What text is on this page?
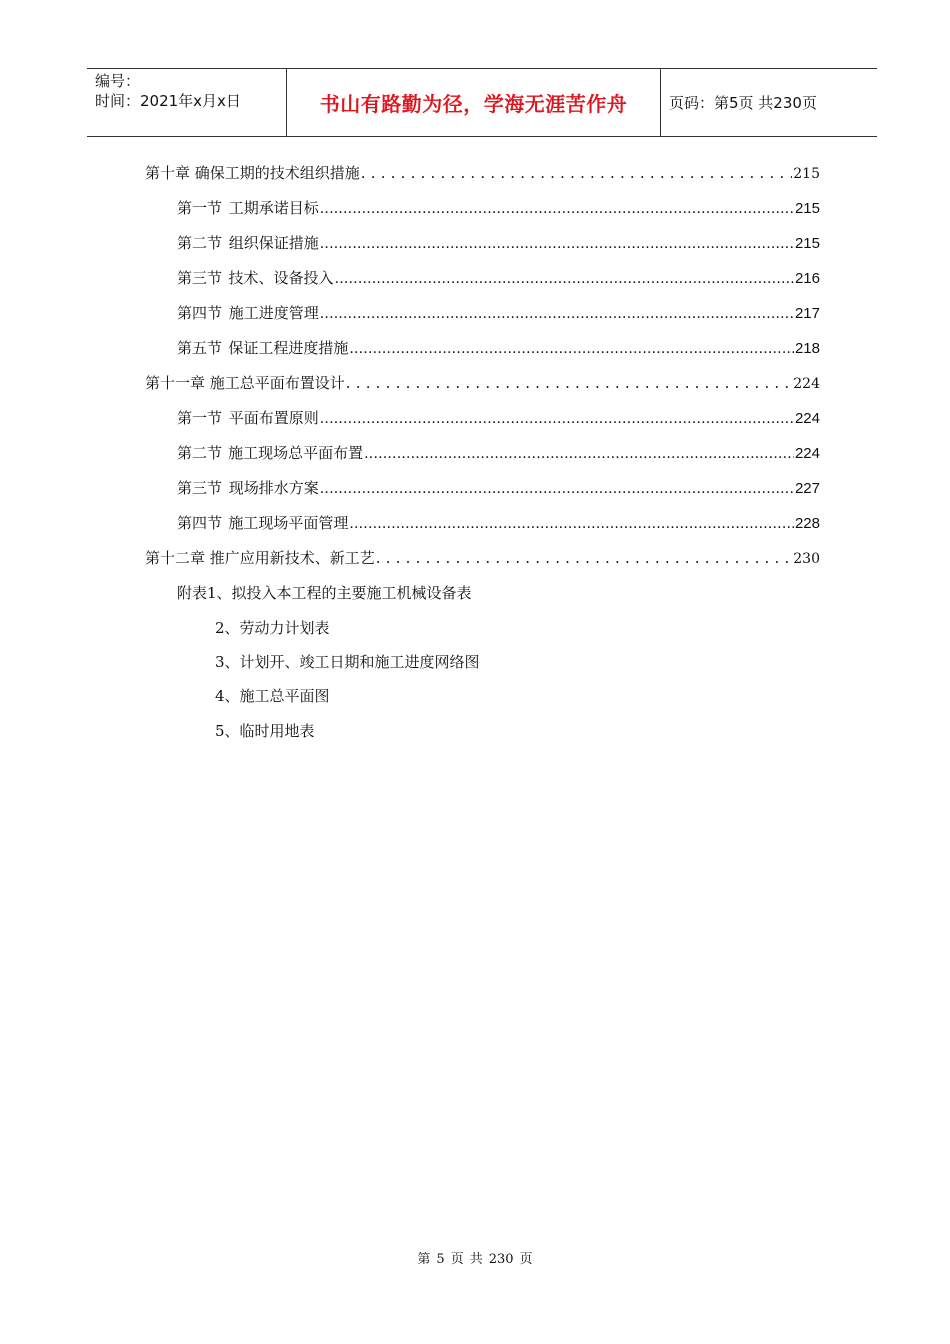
编号：
时间：2021年x月x日	书山有路勤为径，学海无涯苦作舟	页码：第5页 共230页
第十章 确保工期的技术组织措施 .....	215
第一节 工期承诺目标 .....	215
第二节 组织保证措施 .....	215
第三节 技术、设备投入 .....	216
第四节 施工进度管理 .....	217
第五节 保证工程进度措施 .....	218
第十一章 施工总平面布置设计 .....	224
第一节 平面布置原则 .....	224
第二节 施工现场总平面布置 .....	224
第三节 现场排水方案 .....	227
第四节 施工现场平面管理 .....	228
第十二章 推广应用新技术、新工艺 .....	230
附表1、拟投入本工程的主要施工机械设备表
2、劳动力计划表
3、计划开、竣工日期和施工进度网络图
4、施工总平面图
5、临时用地表
第 5 页 共 230 页
